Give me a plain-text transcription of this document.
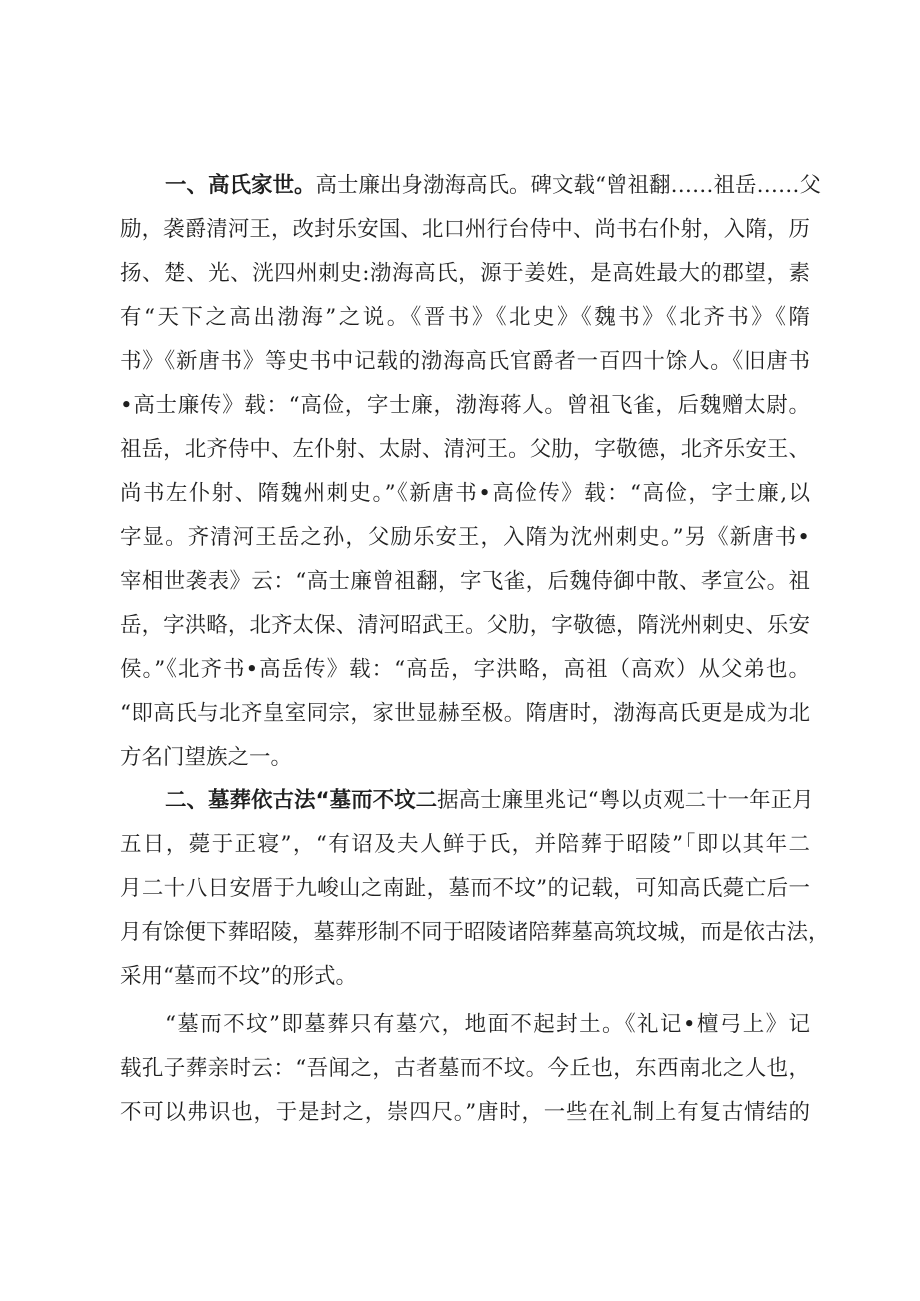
一、高氏家世。高士廉出身渤海高氏。碑文载“曾祖翻……祖岳……父
励，袭爵清河王，改封乐安国、北口州行台侍中、尚书右仆射，入隋，历
扬、楚、光、洸四州刺史:渤海高氏，源于姜姓，是高姓最大的郡望，素
有“天下之高出渤海”之说。《晋书》《北史》《魏书》《北齐书》《隋
书》《新唐书》等史书中记载的渤海高氏官爵者一百四十馀人。《旧唐书
•高士廉传》载：“高俭，字士廉，渤海蒋人。曾祖飞雀，后魏赠太尉。
祖岳，北齐侍中、左仆射、太尉、清河王。父肋，字敬德，北齐乐安王、
尚书左仆射、隋魏州刺史。”《新唐书•高俭传》载：“高俭，字士廉,以
字显。齐清河王岳之孙，父励乐安王，入隋为沈州刺史。”另《新唐书•
宰相世袭表》云：“高士廉曾祖翻，字飞雀，后魏侍御中散、孝宣公。祖
岳，字洪略，北齐太保、清河昭武王。父肋，字敬德，隋洸州刺史、乐安
侯。”《北齐书•高岳传》载：“高岳，字洪略，高祖（高欢）从父弟也。
“即高氏与北齐皇室同宗，家世显赫至极。隋唐时，渤海高氏更是成为北
方名门望族之一。
二、墓葬依古法“墓而不坟二据高士廉里兆记“粤以贞观二十一年正月
五日，薨于正寝”，“有诏及夫人鲜于氏，并陪葬于昭陵”「即以其年二
月二十八日安厝于九峻山之南趾，墓而不坟”的记载，可知高氏薨亡后一
月有馀便下葬昭陵，墓葬形制不同于昭陵诸陪葬墓高筑坟城，而是依古法，
采用“墓而不坟”的形式。
“墓而不坟”即墓葬只有墓穴，地面不起封土。《礼记•檀弓上》记
载孔子葬亲时云：“吾闻之，古者墓而不坟。今丘也，东西南北之人也，
不可以弗识也，于是封之，崇四尺。”唐时，一些在礼制上有复古情结的
